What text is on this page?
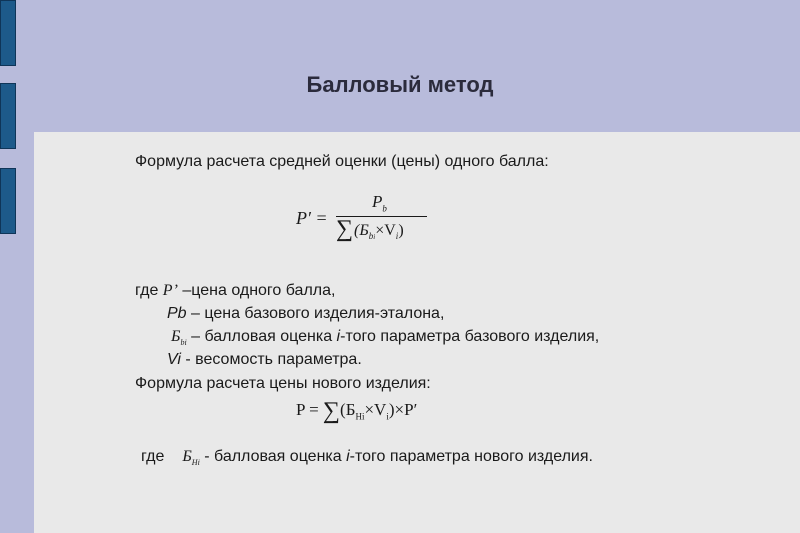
Балловый метод
Формула расчета средней оценки (цены) одного балла:
P′ =
$P_b$
∑ $(Б_{bi}\times V_i)$
где P’ –цена одного балла,
Pb – цена базового изделия-эталона,
$Б_{bi}$ – балловая оценка i-того параметра базового изделия,
Vi - весомость параметра.
Формула расчета цены нового изделия:
$P = \sum(Б_{Hi}\times V_i)\times P'$
где $Б_{Hi}$ - балловая оценка i-того параметра нового изделия.
